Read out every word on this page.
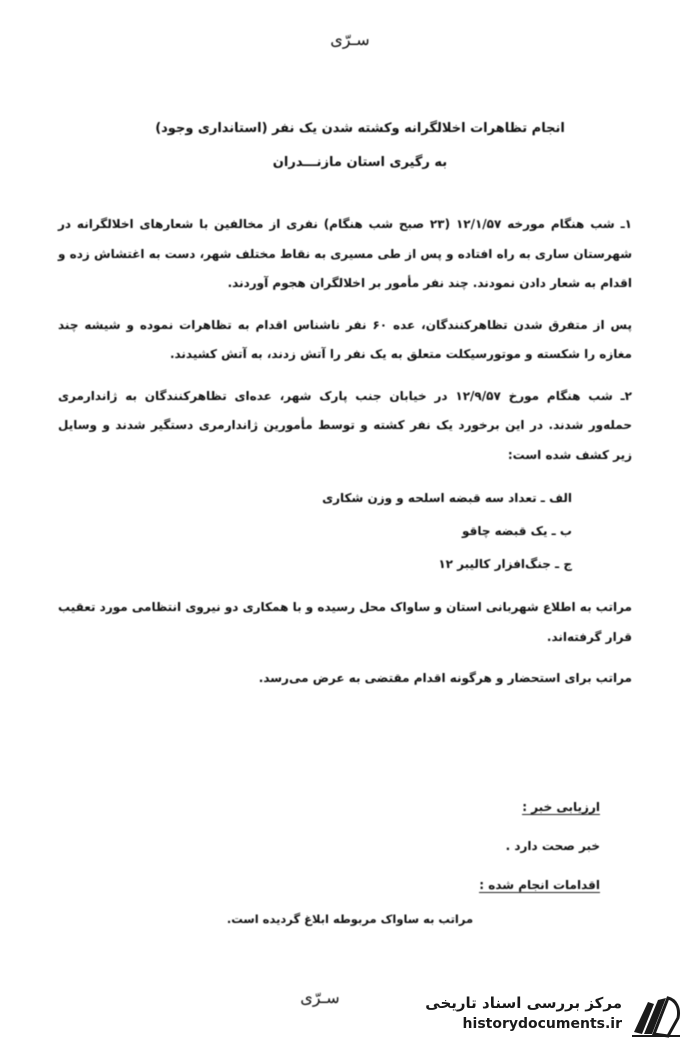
سـرّی
انجام تظاهرات اخلالگرانه وکشته شدن یک نفر (استانداری وجود)
به رگیری استان مازنـــدران

۱ـ شب هنگام مورخه ۱۲/۱/۵۷ (۲۳ صبح شب هنگام) نفری از مخالفین با شعارهای اخلالگرانه در شهرستان ساری به راه افتاده و پس از طی مسیری به نقاط مختلف شهر، دست به اغتشاش زده و اقدام به شعار دادن نمودند. چند نفر مأمور بر اخلالگران هجوم آوردند.

پس از متفرق شدن تظاهرکنندگان، عده ۶۰ نفر ناشناس اقدام به تظاهرات نموده و شیشه چند مغازه را شکسته و موتورسیکلت متعلق به یک نفر را آتش زدند، به آتش کشیدند.

۲ـ شب هنگام مورخ ۱۲/۹/۵۷ در خیابان جنب پارک شهر، عده‌ای تظاهرکنندگان به ژاندارمری حمله‌ور شدند. در این برخورد یک نفر کشته و توسط مأمورین ژاندارمری دستگیر شدند و وسایل زیر کشف شده است:

الف ـ تعداد سه قبضه اسلحه و وزن شکاری
ب ـ یک قبضه چاقو
ج ـ جنگ‌افزار کالیبر ۱۲

مراتب به اطلاع شهربانی استان و ساواک محل رسیده و با همکاری دو نیروی انتظامی مورد تعقیب قرار گرفته‌اند.

مراتب برای استحضار و هرگونه اقدام مقتضی به عرض می‌رسد.

ارزیابی خبر :
خبر صحت دارد .
اقدامات انجام شده :
مراتب به ساواک مربوطه ابلاغ گردیده است.
سـرّی	مرکز بررسی اسناد تاریخی
historydocuments.ir
